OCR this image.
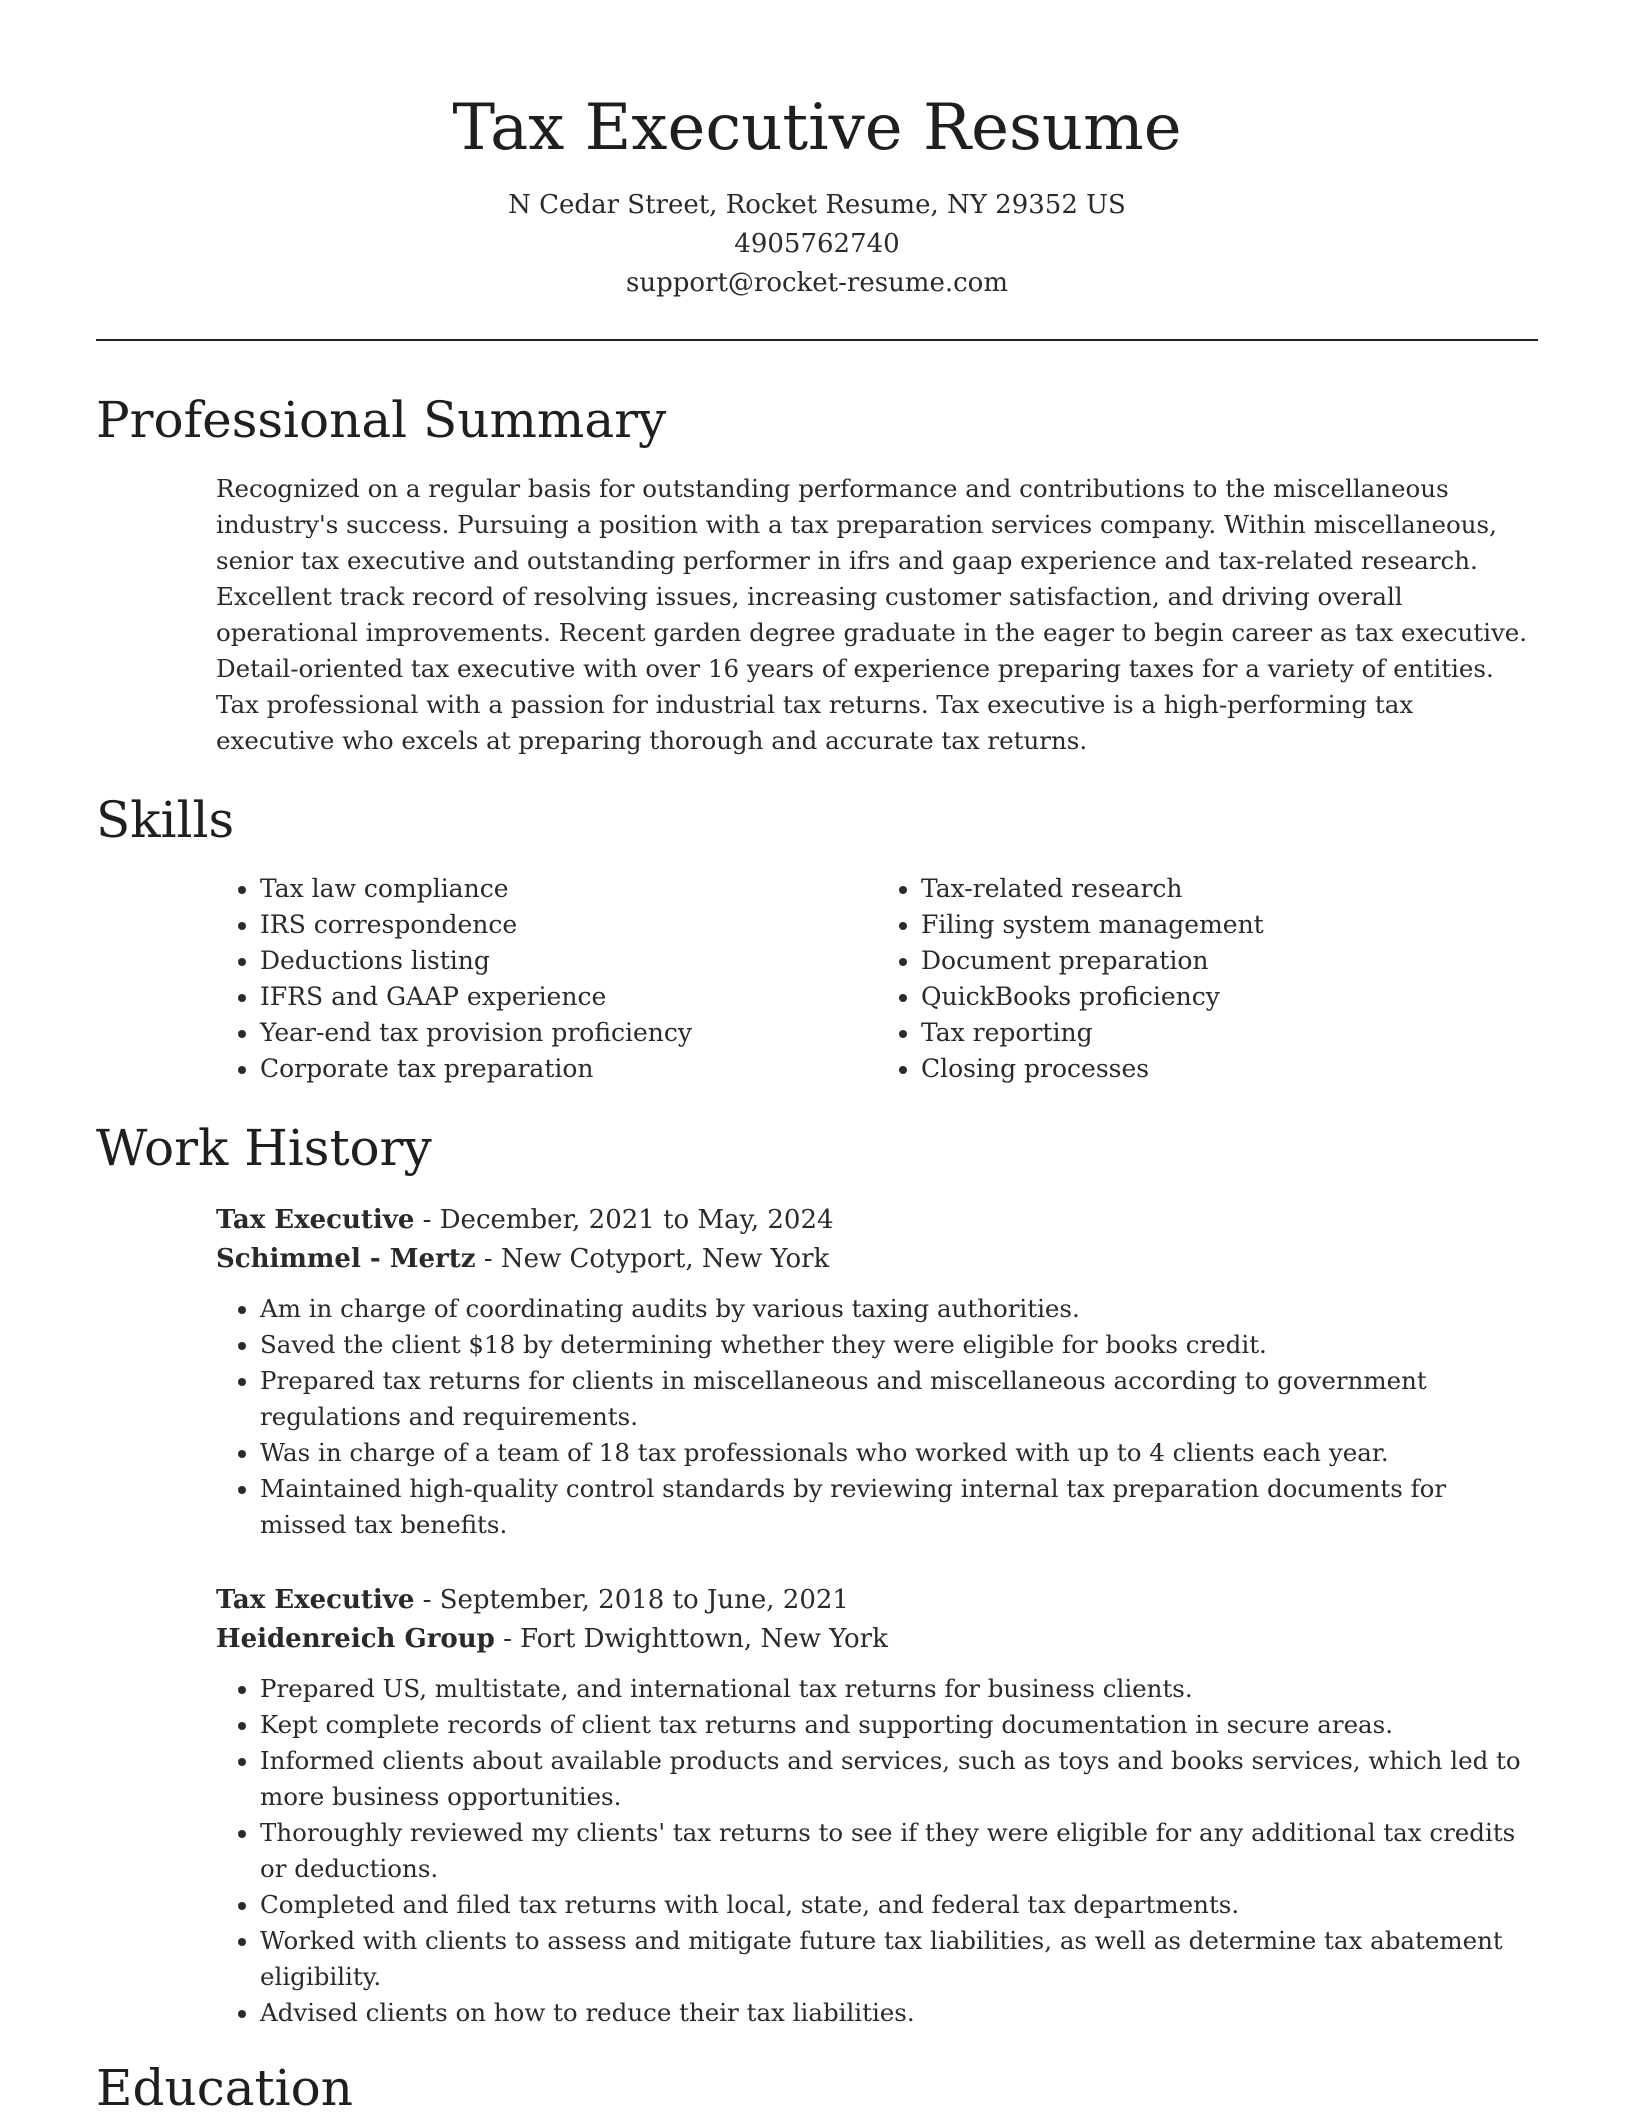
Tax Executive Resume

N Cedar Street, Rocket Resume, NY 29352 US

4905762740

support@rocket-resume.com

Professional Summary

Recognized on a regular basis for outstanding performance and contributions to the miscellaneous industry's success. Pursuing a position with a tax preparation services company. Within miscellaneous, senior tax executive and outstanding performer in ifrs and gaap experience and tax-related research. Excellent track record of resolving issues, increasing customer satisfaction, and driving overall operational improvements. Recent garden degree graduate in the eager to begin career as tax executive. Detail-oriented tax executive with over 16 years of experience preparing taxes for a variety of entities. Tax professional with a passion for industrial tax returns. Tax executive is a high-performing tax executive who excels at preparing thorough and accurate tax returns.

Skills
• Tax law compliance
• IRS correspondence
• Deductions listing
• IFRS and GAAP experience
• Year-end tax provision proficiency
• Corporate tax preparation
• Tax-related research
• Filing system management
• Document preparation
• QuickBooks proficiency
• Tax reporting
• Closing processes
Work History

Tax Executive - December, 2021 to May, 2024

Schimmel - Mertz - New Cotyport, New York

• Am in charge of coordinating audits by various taxing authorities.
• Saved the client $18 by determining whether they were eligible for books credit.
• Prepared tax returns for clients in miscellaneous and miscellaneous according to government regulations and requirements.
• Was in charge of a team of 18 tax professionals who worked with up to 4 clients each year.
• Maintained high-quality control standards by reviewing internal tax preparation documents for missed tax benefits.

Tax Executive - September, 2018 to June, 2021

Heidenreich Group - Fort Dwighttown, New York

• Prepared US, multistate, and international tax returns for business clients.
• Kept complete records of client tax returns and supporting documentation in secure areas.
• Informed clients about available products and services, such as toys and books services, which led to more business opportunities.
• Thoroughly reviewed my clients' tax returns to see if they were eligible for any additional tax credits or deductions.
• Completed and filed tax returns with local, state, and federal tax departments.
• Worked with clients to assess and mitigate future tax liabilities, as well as determine tax abatement eligibility.
• Advised clients on how to reduce their tax liabilities.
Education
